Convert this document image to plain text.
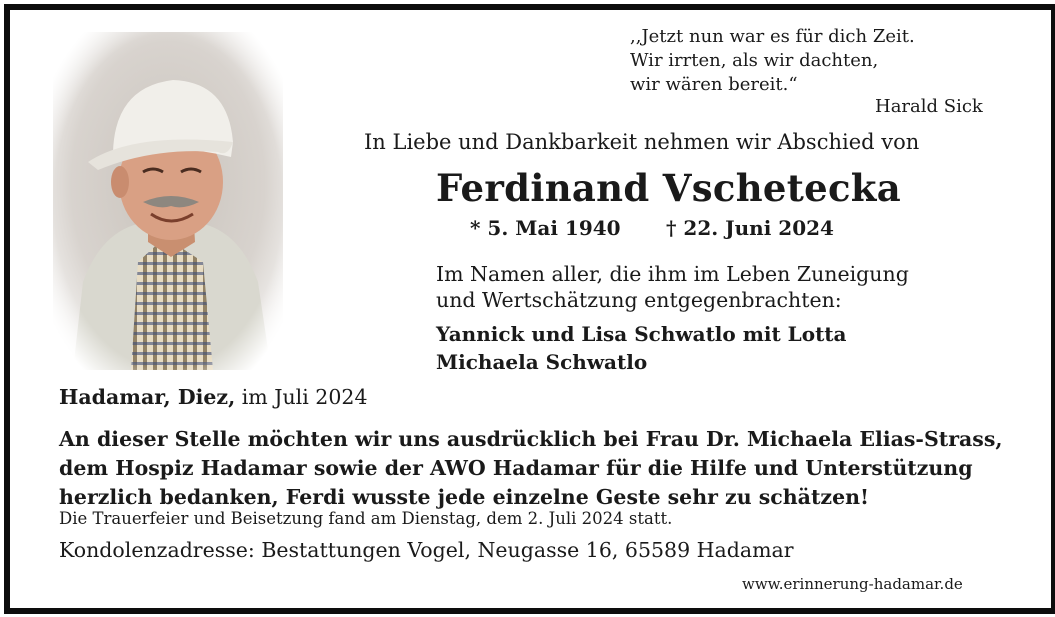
,,Jetzt nun war es für dich Zeit.
Wir irrten, als wir dachten,
wir wären bereit.“
Harald Sick
In Liebe und Dankbarkeit nehmen wir Abschied von
Ferdinand Vschetecka
* 5. Mai 1940 † 22. Juni 2024
Im Namen aller, die ihm im Leben Zuneigung
und Wertschätzung entgegenbrachten:
Yannick und Lisa Schwatlo mit Lotta
Michaela Schwatlo
Hadamar, Diez, im Juli 2024
An dieser Stelle möchten wir uns ausdrücklich bei Frau Dr. Michaela Elias-Strass,
dem Hospiz Hadamar sowie der AWO Hadamar für die Hilfe und Unterstützung
herzlich bedanken, Ferdi wusste jede einzelne Geste sehr zu schätzen!
Die Trauerfeier und Beisetzung fand am Dienstag, dem 2. Juli 2024 statt.
Kondolenzadresse: Bestattungen Vogel, Neugasse 16, 65589 Hadamar
www.erinnerung-hadamar.de
